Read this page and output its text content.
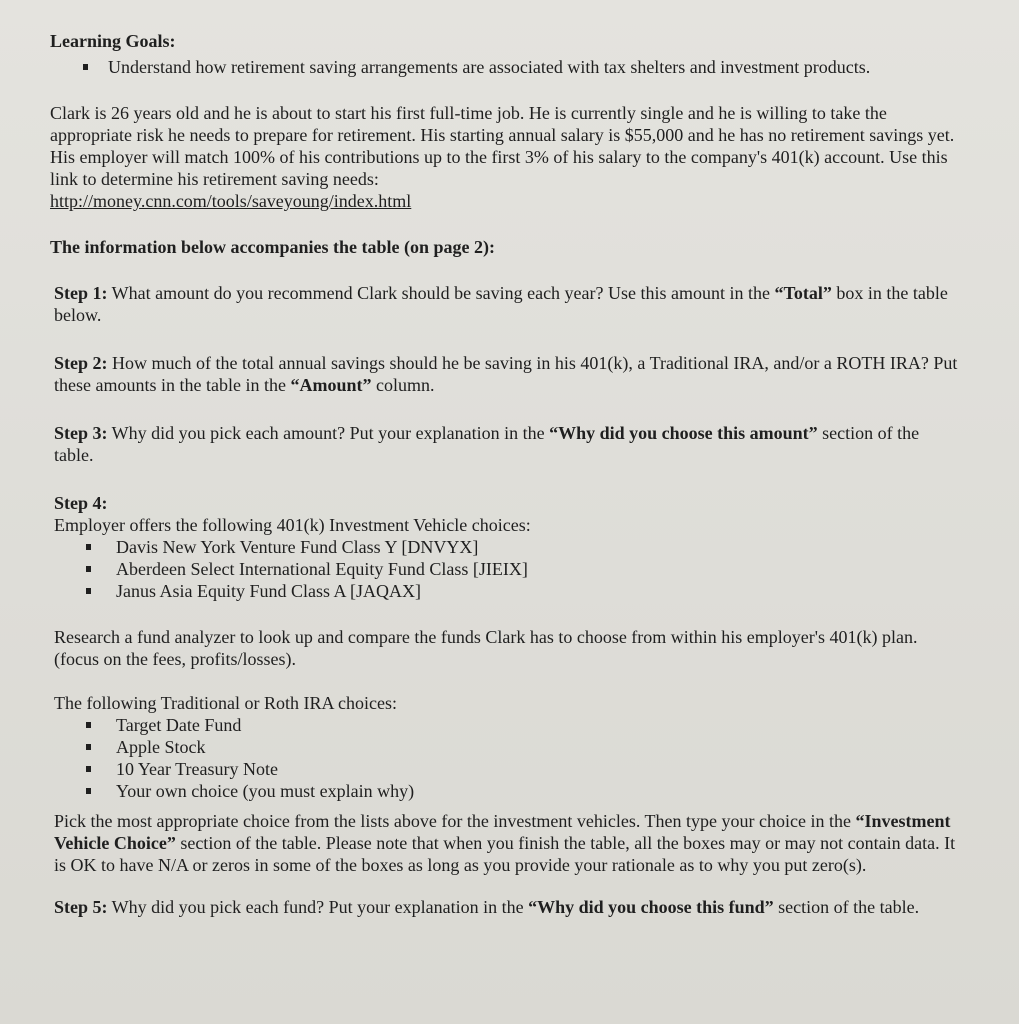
Learning Goals:
Understand how retirement saving arrangements are associated with tax shelters and investment products.

Clark is 26 years old and he is about to start his first full-time job. He is currently single and he is willing to take the appropriate risk he needs to prepare for retirement. His starting annual salary is $55,000 and he has no retirement savings yet. His employer will match 100% of his contributions up to the first 3% of his salary to the company's 401(k) account. Use this link to determine his retirement saving needs:
http://money.cnn.com/tools/saveyoung/index.html

The information below accompanies the table (on page 2):

Step 1: What amount do you recommend Clark should be saving each year? Use this amount in the “Total” box in the table below.

Step 2: How much of the total annual savings should he be saving in his 401(k), a Traditional IRA, and/or a ROTH IRA? Put these amounts in the table in the “Amount” column.

Step 3: Why did you pick each amount? Put your explanation in the “Why did you choose this amount” section of the table.

Step 4:
Employer offers the following 401(k) Investment Vehicle choices:
Davis New York Venture Fund Class Y [DNVYX]
Aberdeen Select International Equity Fund Class [JIEIX]
Janus Asia Equity Fund Class A [JAQAX]

Research a fund analyzer to look up and compare the funds Clark has to choose from within his employer's 401(k) plan. (focus on the fees, profits/losses).

The following Traditional or Roth IRA choices:
Target Date Fund
Apple Stock
10 Year Treasury Note
Your own choice (you must explain why)

Pick the most appropriate choice from the lists above for the investment vehicles. Then type your choice in the “Investment Vehicle Choice” section of the table. Please note that when you finish the table, all the boxes may or may not contain data. It is OK to have N/A or zeros in some of the boxes as long as you provide your rationale as to why you put zero(s).

Step 5: Why did you pick each fund? Put your explanation in the “Why did you choose this fund” section of the table.
